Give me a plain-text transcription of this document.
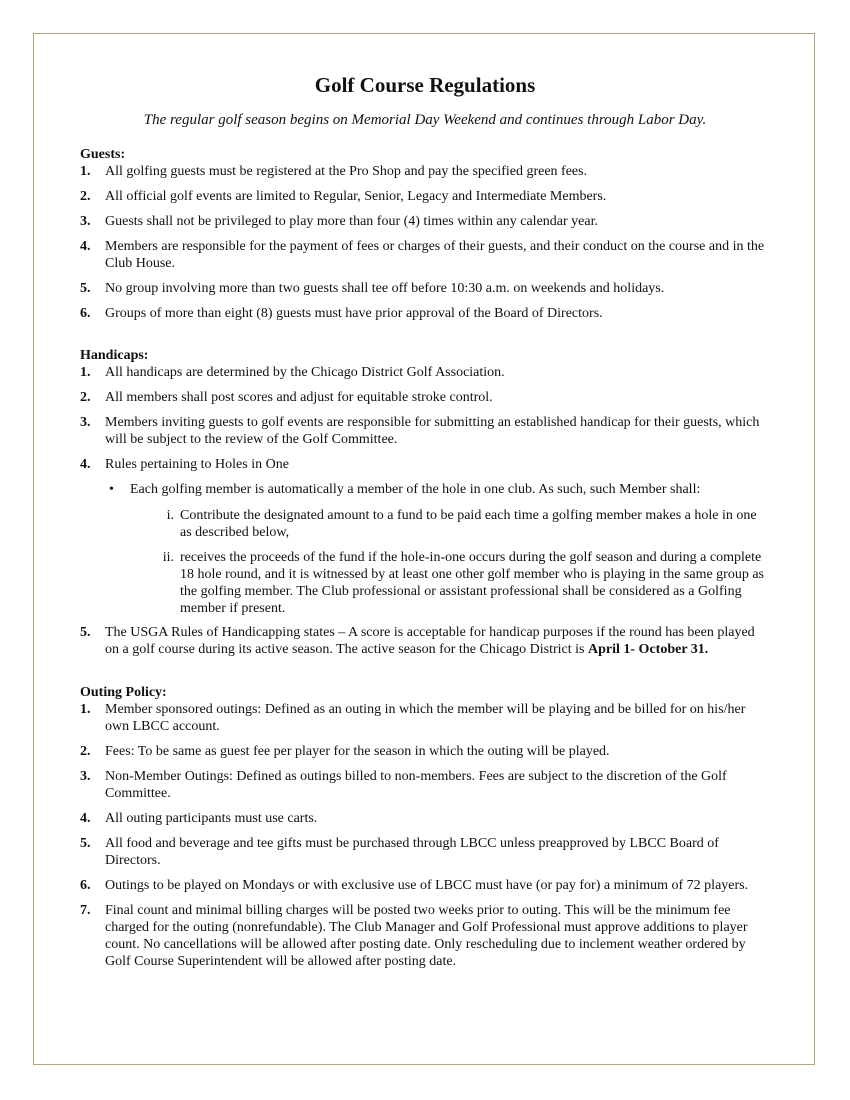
Golf Course Regulations
The regular golf season begins on Memorial Day Weekend and continues through Labor Day.
Guests:
1. All golfing guests must be registered at the Pro Shop and pay the specified green fees.
2. All official golf events are limited to Regular, Senior, Legacy and Intermediate Members.
3. Guests shall not be privileged to play more than four (4) times within any calendar year.
4. Members are responsible for the payment of fees or charges of their guests, and their conduct on the course and in the Club House.
5. No group involving more than two guests shall tee off before 10:30 a.m. on weekends and holidays.
6. Groups of more than eight (8) guests must have prior approval of the Board of Directors.
Handicaps:
1. All handicaps are determined by the Chicago District Golf Association.
2. All members shall post scores and adjust for equitable stroke control.
3. Members inviting guests to golf events are responsible for submitting an established handicap for their guests, which will be subject to the review of the Golf Committee.
4. Rules pertaining to Holes in One
• Each golfing member is automatically a member of the hole in one club. As such, such Member shall:
i. Contribute the designated amount to a fund to be paid each time a golfing member makes a hole in one as described below,
ii. receives the proceeds of the fund if the hole-in-one occurs during the golf season and during a complete 18 hole round, and it is witnessed by at least one other golf member who is playing in the same group as the golfing member. The Club professional or assistant professional shall be considered as a Golfing member if present.
5. The USGA Rules of Handicapping states – A score is acceptable for handicap purposes if the round has been played on a golf course during its active season. The active season for the Chicago District is April 1- October 31.
Outing Policy:
1. Member sponsored outings: Defined as an outing in which the member will be playing and be billed for on his/her own LBCC account.
2. Fees: To be same as guest fee per player for the season in which the outing will be played.
3. Non-Member Outings: Defined as outings billed to non-members. Fees are subject to the discretion of the Golf Committee.
4. All outing participants must use carts.
5. All food and beverage and tee gifts must be purchased through LBCC unless preapproved by LBCC Board of Directors.
6. Outings to be played on Mondays or with exclusive use of LBCC must have (or pay for) a minimum of 72 players.
7. Final count and minimal billing charges will be posted two weeks prior to outing. This will be the minimum fee charged for the outing (nonrefundable). The Club Manager and Golf Professional must approve additions to player count. No cancellations will be allowed after posting date. Only rescheduling due to inclement weather ordered by Golf Course Superintendent will be allowed after posting date.
